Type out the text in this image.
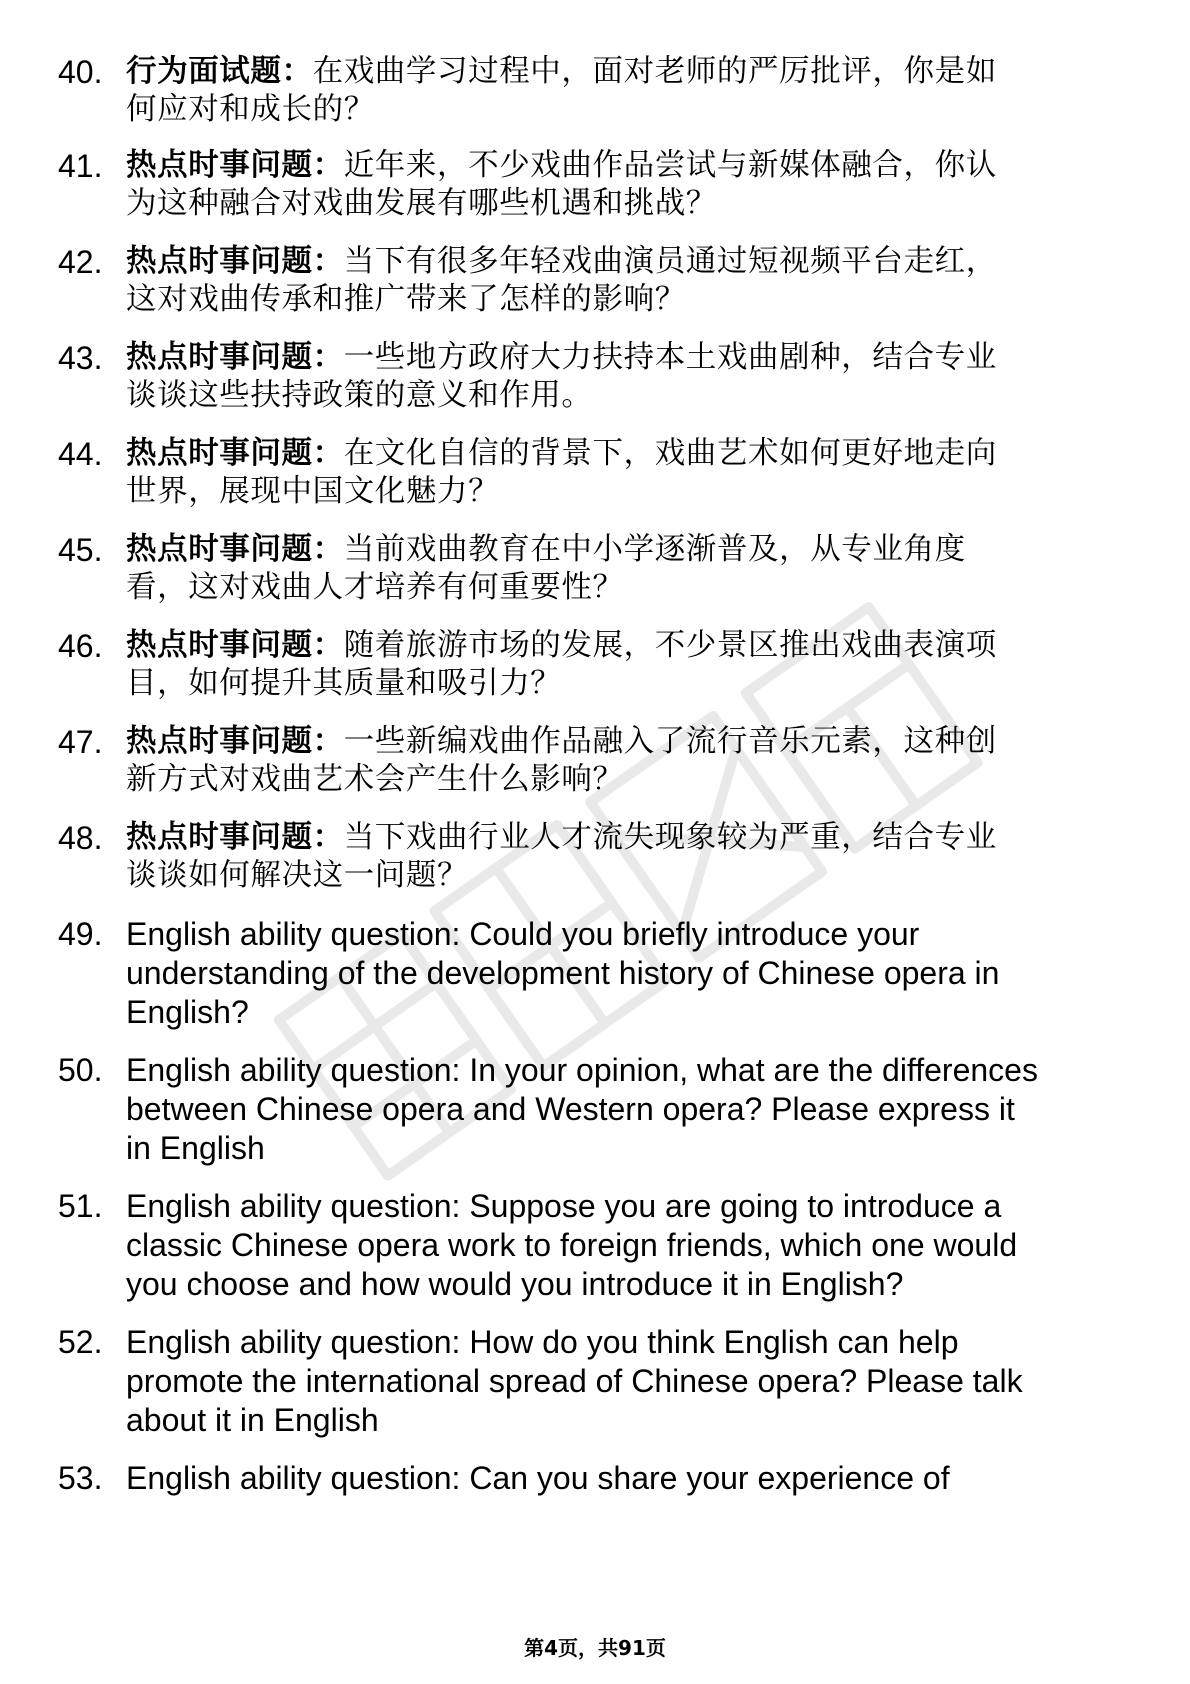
40. 行为面试题：在戏曲学习过程中，面对老师的严厉批评，你是如
何应对和成长的？
41. 热点时事问题：近年来，不少戏曲作品尝试与新媒体融合，你认
为这种融合对戏曲发展有哪些机遇和挑战？
42. 热点时事问题：当下有很多年轻戏曲演员通过短视频平台走红，
这对戏曲传承和推广带来了怎样的影响？
43. 热点时事问题：一些地方政府大力扶持本土戏曲剧种，结合专业
谈谈这些扶持政策的意义和作用。
44. 热点时事问题：在文化自信的背景下，戏曲艺术如何更好地走向
世界，展现中国文化魅力？
45. 热点时事问题：当前戏曲教育在中小学逐渐普及，从专业角度
看，这对戏曲人才培养有何重要性？
46. 热点时事问题：随着旅游市场的发展，不少景区推出戏曲表演项
目，如何提升其质量和吸引力？
47. 热点时事问题：一些新编戏曲作品融入了流行音乐元素，这种创
新方式对戏曲艺术会产生什么影响？
48. 热点时事问题：当下戏曲行业人才流失现象较为严重，结合专业
谈谈如何解决这一问题？
49. English ability question: Could you briefly introduce your
understanding of the development history of Chinese opera in
English?
50. English ability question: In your opinion, what are the differences
between Chinese opera and Western opera? Please express it
in English
51. English ability question: Suppose you are going to introduce a
classic Chinese opera work to foreign friends, which one would
you choose and how would you introduce it in English?
52. English ability question: How do you think English can help
promote the international spread of Chinese opera? Please talk
about it in English
53. English ability question: Can you share your experience of
第4页，共91页
